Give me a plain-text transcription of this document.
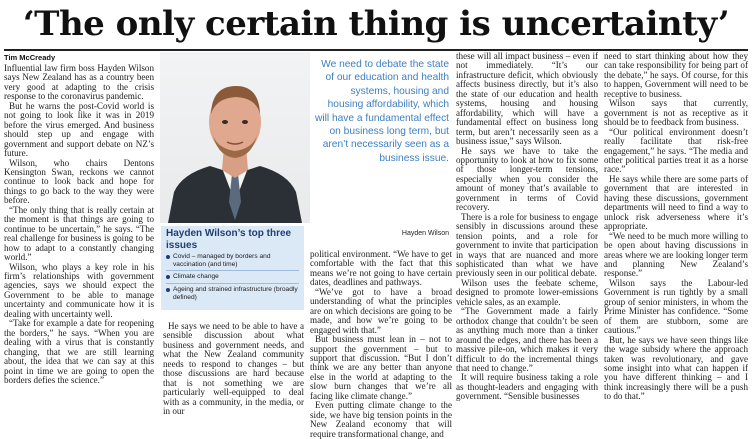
‘The only certain thing is uncertainty’
Tim McCready

Influential law firm boss Hayden Wilson says New Zealand has as a country been very good at adapting to the crisis response to the coronavirus pandemic.

But he warns the post-Covid world is not going to look like it was in 2019 before the virus emerged. And business should step up and engage with government and support debate on NZ’s future.

Wilson, who chairs Dentons Kensington Swan, reckons we cannot continue to look back and hope for things to go back to the way they were before.

“The only thing that is really certain at the moment is that things are going to continue to be uncertain,” he says. “The real challenge for business is going to be how to adapt to a constantly changing world.”

Wilson, who plays a key role in his firm’s relationships with government agencies, says we should expect the Government to be able to manage uncertainty and communicate how it is dealing with uncertainty well.

“Take for example a date for reopening the borders,” he says. “When you are dealing with a virus that is constantly changing, that we are still learning about, the idea that we can say at this point in time we are going to open the borders defies the science.”

We need to debate the state of our education and health systems, housing and housing affordability, which will have a fundamental effect on business long term, but aren’t necessarily seen as a business issue.
Hayden Wilson
Hayden Wilson’s top three issues
Covid – managed by borders and vaccination (and time)
Climate change
Ageing and strained infrastructure (broadly defined)

He says we need to be able to have a sensible discussion about what business and government needs, and what the New Zealand community needs to respond to changes – but those discussions are hard because that is not something we are particularly well-equipped to deal with as a community, in the media, or in our

political environment. “We have to get comfortable with the fact that this means we’re not going to have certain dates, deadlines and pathways.

“We’ve got to have a broad understanding of what the principles are on which decisions are going to be made, and how we’re going to be engaged with that.”

But business must lean in – not to support the government – but to support that discussion. “But I don’t think we are any better than anyone else in the world at adapting to the slow burn changes that we’re all facing like climate change.”

Even putting climate change to the side, we have big tension points in the New Zealand economy that will require transformational change, and

these will all impact business – even if not immediately. “It’s our infrastructure deficit, which obviously affects business directly, but it’s also the state of our education and health systems, housing and housing affordability, which will have a fundamental effect on business long term, but aren’t necessarily seen as a business issue,” says Wilson.

He says we have to take the opportunity to look at how to fix some of those longer-term tensions, especially when you consider the amount of money that’s available to government in terms of Covid recovery.

There is a role for business to engage sensibly in discussions around these tension points, and a role for government to invite that participation in ways that are nuanced and more sophisticated than what we have previously seen in our political debate.

Wilson uses the feebate scheme, designed to promote lower-emissions vehicle sales, as an example.

“The Government made a fairly orthodox change that couldn’t be seen as anything much more than a tinker around the edges, and there has been a massive pile-on, which makes it very difficult to do the incremental things that need to change.”

It will require business taking a role as thought-leaders and engaging with government. “Sensible businesses

need to start thinking about how they can take responsibility for being part of the debate,” he says. Of course, for this to happen, Government will need to be receptive to business.

Wilson says that currently, government is not as receptive as it should be to feedback from business.

“Our political environment doesn’t really facilitate that risk-free engagement,” he says. “The media and other political parties treat it as a horse race.”

He says while there are some parts of government that are interested in having these discussions, government departments will need to find a way to unlock risk adverseness where it’s appropriate.

“We need to be much more willing to be open about having discussions in areas where we are looking longer term and planning New Zealand’s response.”

Wilson says the Labour-led Government is run tightly by a small group of senior ministers, in whom the Prime Minister has confidence. “Some of them are stubborn, some are cautious.”

But, he says we have seen things like the wage subsidy where the approach taken was revolutionary, and gave some insight into what can happen if you have different thinking – and I think increasingly there will be a push to do that.”
